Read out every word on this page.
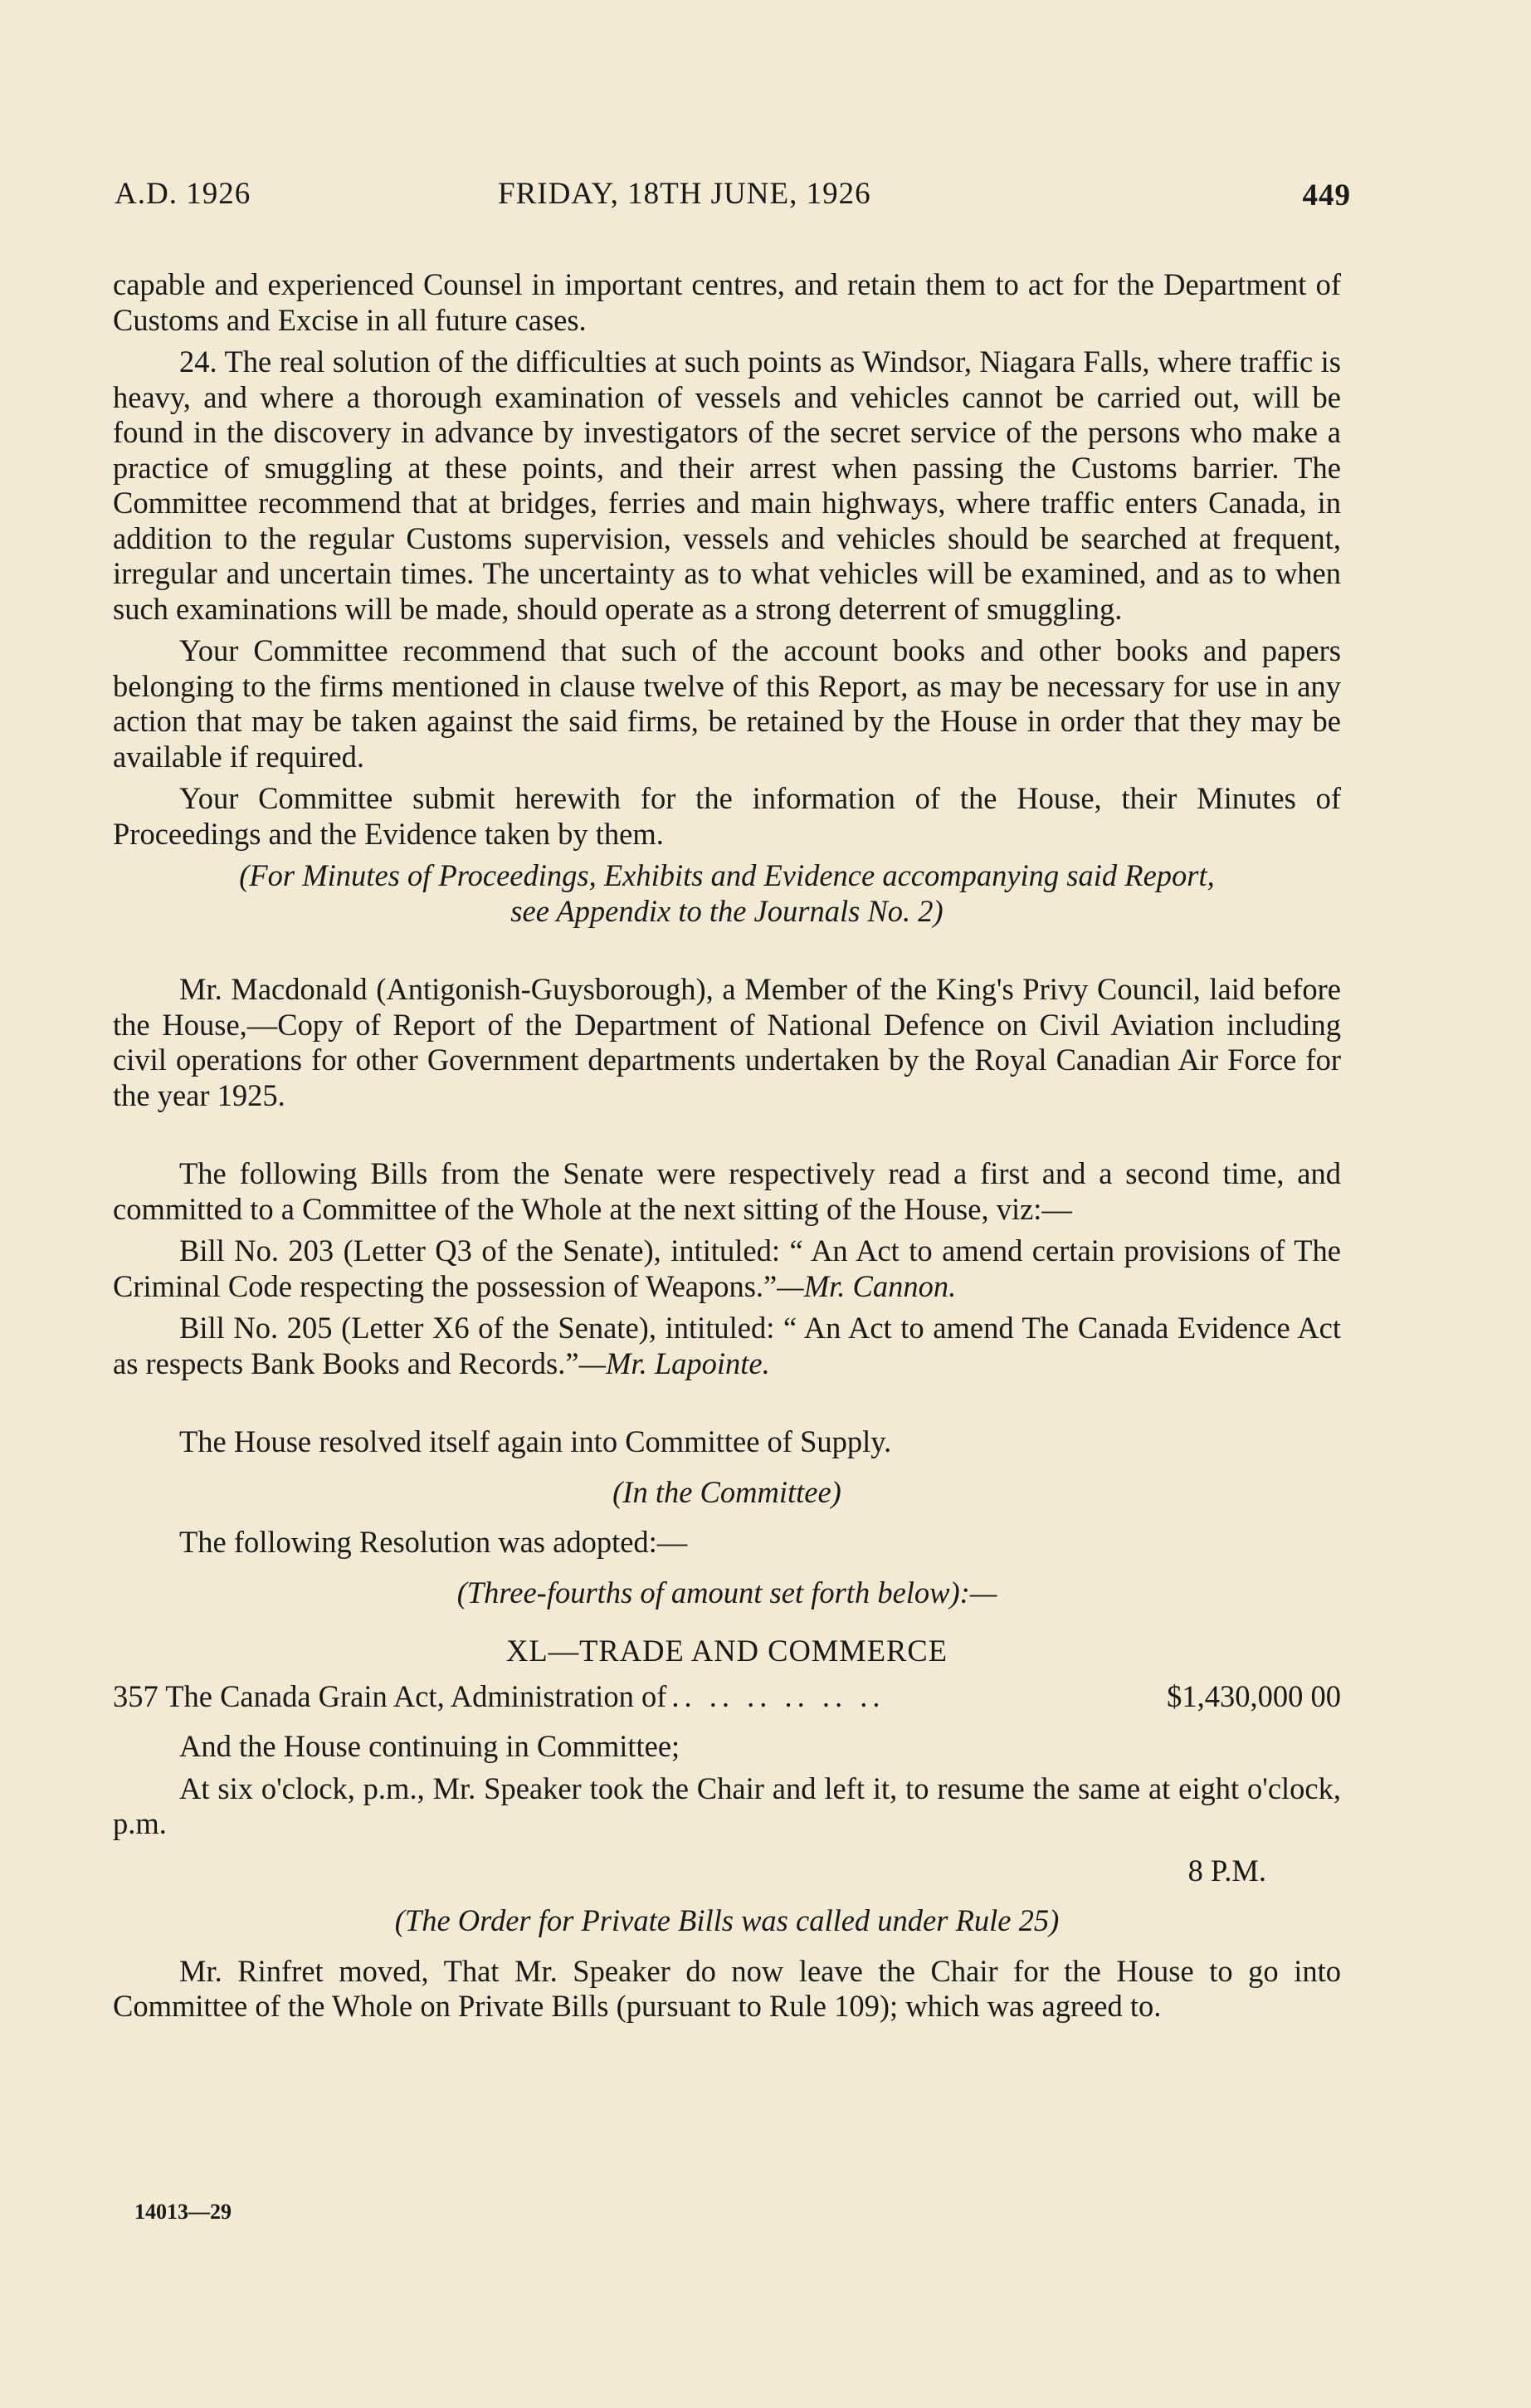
A.D. 1926	FRIDAY, 18TH JUNE, 1926	449

capable and experienced Counsel in important centres, and retain them to act for the Department of Customs and Excise in all future cases.

24. The real solution of the difficulties at such points as Windsor, Niagara Falls, where traffic is heavy, and where a thorough examination of vessels and vehicles cannot be carried out, will be found in the discovery in advance by investigators of the secret service of the persons who make a practice of smuggling at these points, and their arrest when passing the Customs barrier. The Committee recommend that at bridges, ferries and main highways, where traffic enters Canada, in addition to the regular Customs supervision, vessels and vehicles should be searched at frequent, irregular and uncertain times. The uncertainty as to what vehicles will be examined, and as to when such examinations will be made, should operate as a strong deterrent of smuggling.

Your Committee recommend that such of the account books and other books and papers belonging to the firms mentioned in clause twelve of this Report, as may be necessary for use in any action that may be taken against the said firms, be retained by the House in order that they may be available if required.

Your Committee submit herewith for the information of the House, their Minutes of Proceedings and the Evidence taken by them.

(For Minutes of Proceedings, Exhibits and Evidence accompanying said Report,

see Appendix to the Journals No. 2)

Mr. Macdonald (Antigonish-Guysborough), a Member of the King's Privy Council, laid before the House,—Copy of Report of the Department of National Defence on Civil Aviation including civil operations for other Government departments undertaken by the Royal Canadian Air Force for the year 1925.

The following Bills from the Senate were respectively read a first and a second time, and committed to a Committee of the Whole at the next sitting of the House, viz:—

Bill No. 203 (Letter Q3 of the Senate), intituled: “ An Act to amend certain provisions of The Criminal Code respecting the possession of Weapons.”—Mr. Cannon.

Bill No. 205 (Letter X6 of the Senate), intituled: “ An Act to amend The Canada Evidence Act as respects Bank Books and Records.”—Mr. Lapointe.

The House resolved itself again into Committee of Supply.

(In the Committee)

The following Resolution was adopted:—

(Three-fourths of amount set forth below):—

XL—TRADE AND COMMERCE

357 The Canada Grain Act, Administration of .. .. .. .. .. ..	$1,430,000 00

And the House continuing in Committee;

At six o'clock, p.m., Mr. Speaker took the Chair and left it, to resume the same at eight o'clock, p.m.

8 P.M.

(The Order for Private Bills was called under Rule 25)

Mr. Rinfret moved, That Mr. Speaker do now leave the Chair for the House to go into Committee of the Whole on Private Bills (pursuant to Rule 109); which was agreed to.

14013—29
